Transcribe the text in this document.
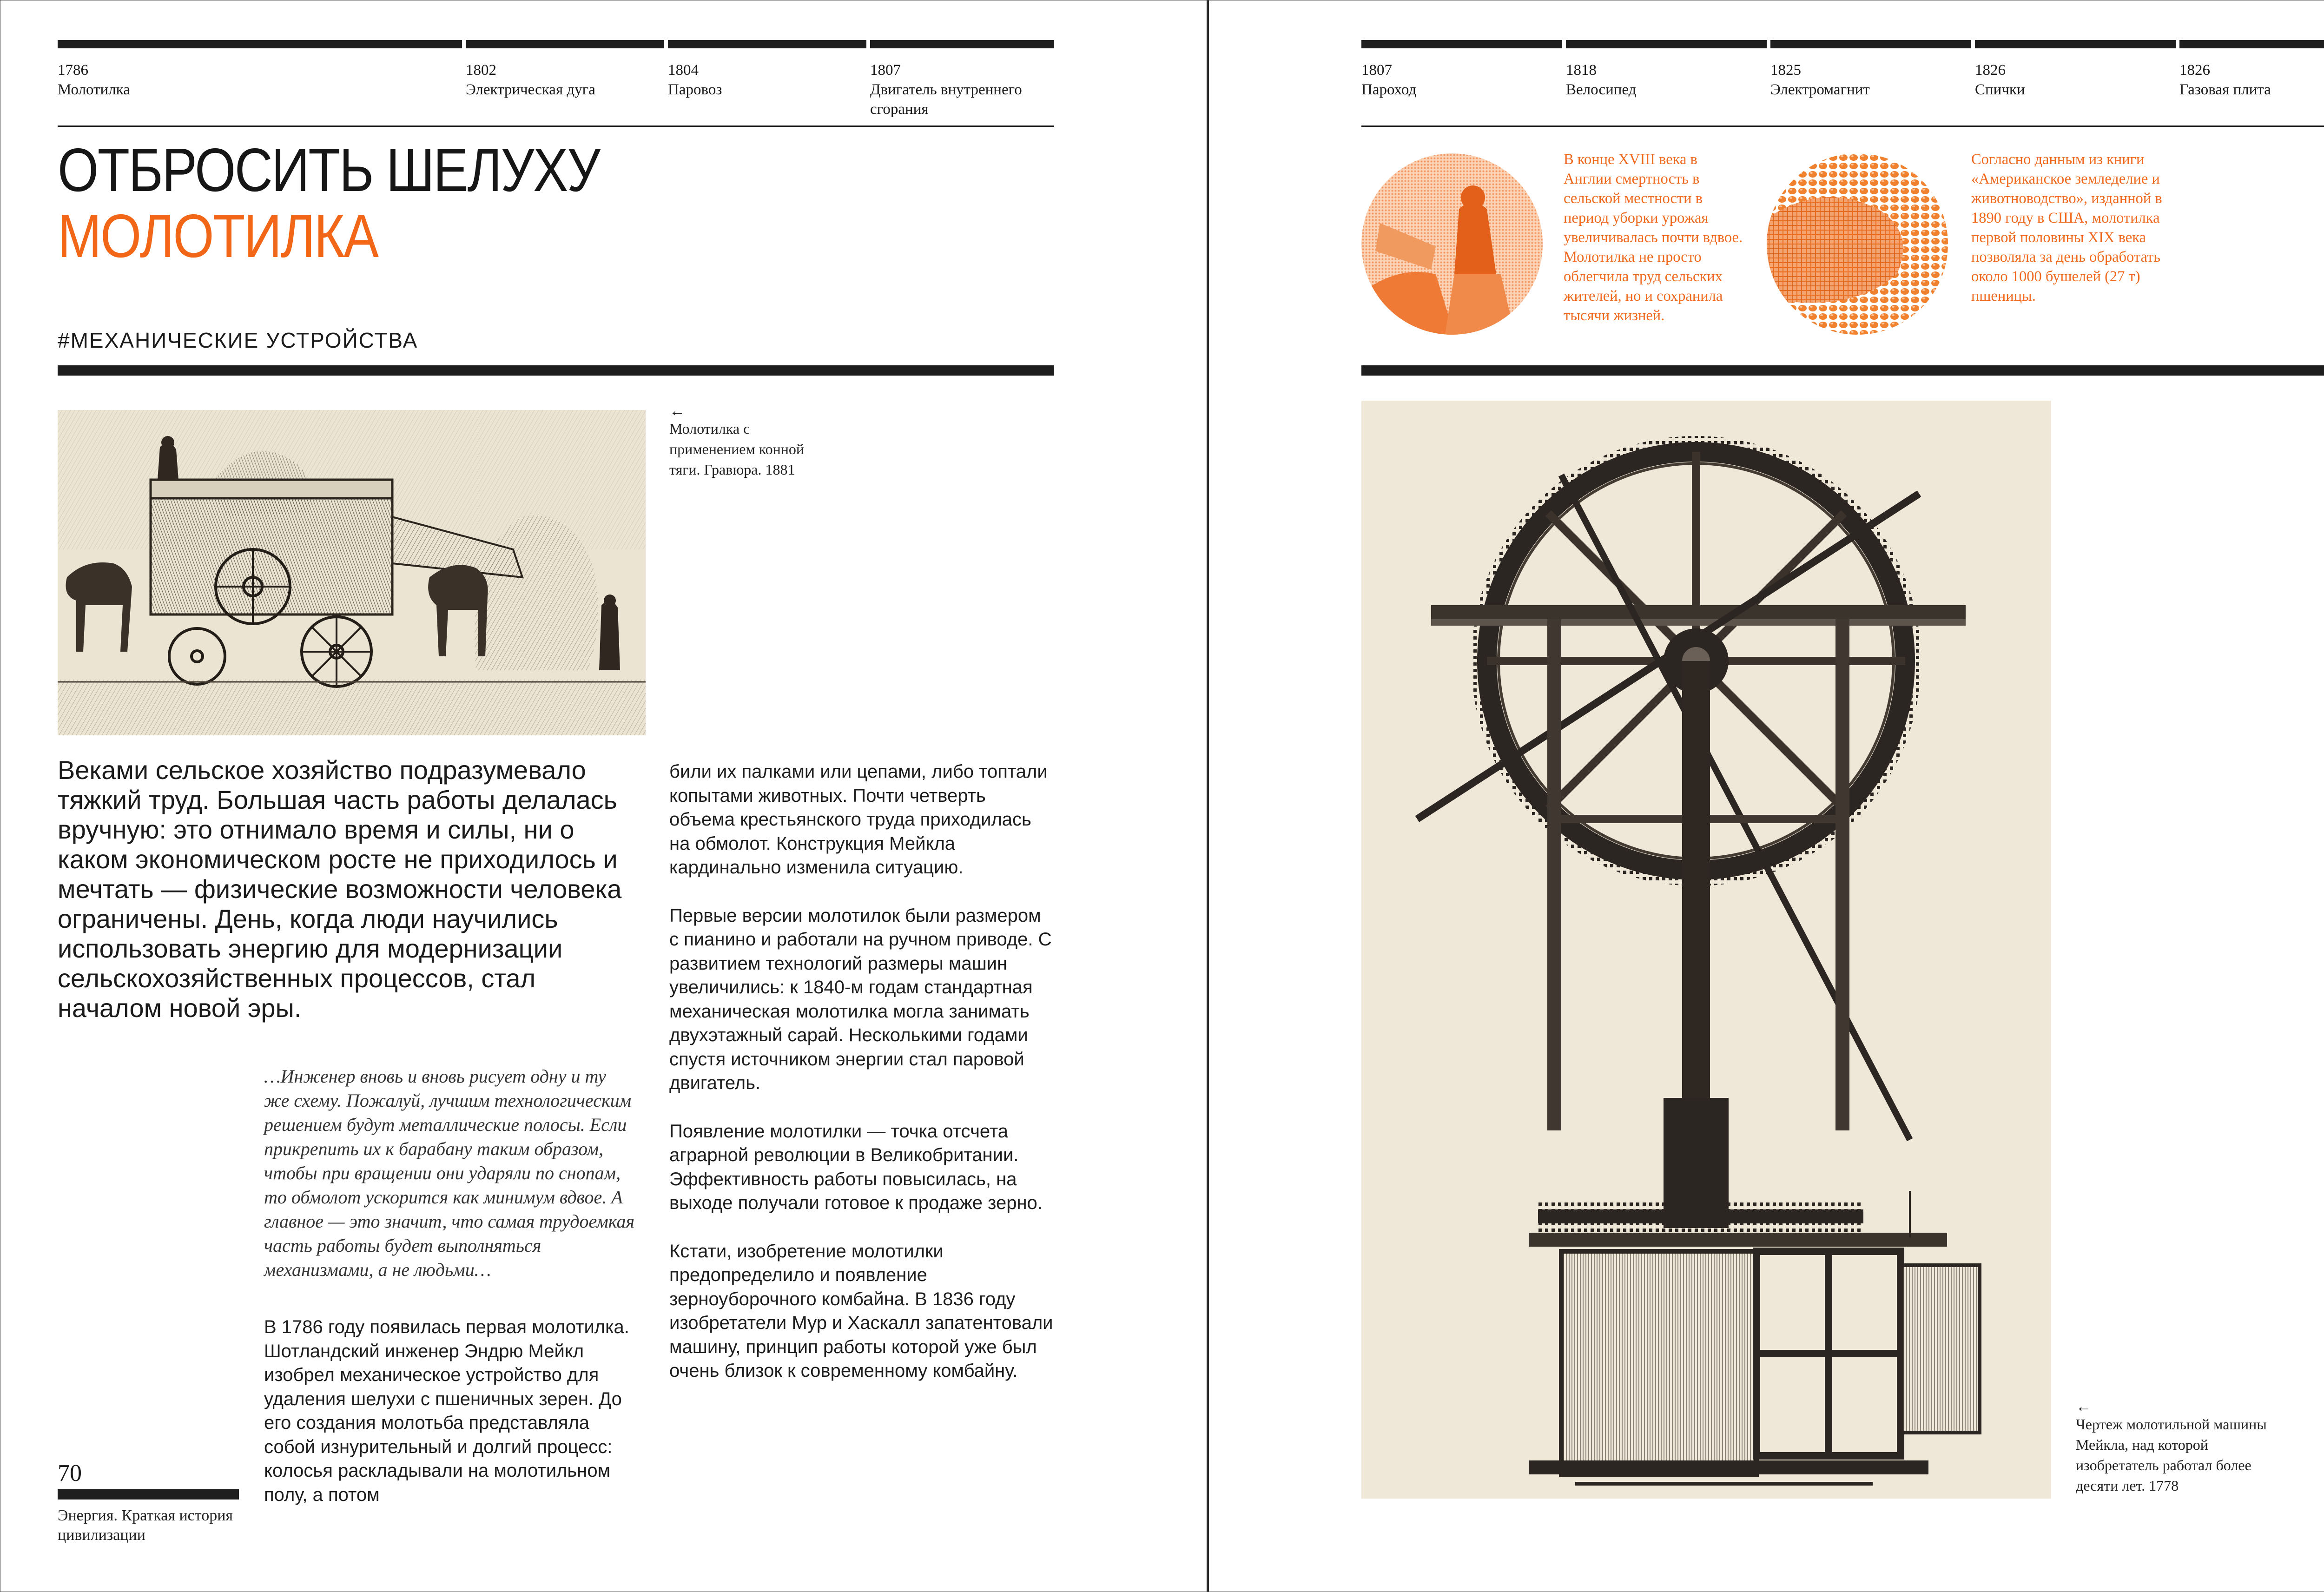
1786
Молотилка
1802
Электрическая дуга
1804
Паровоз
1807
Двигатель внутреннего сгорания
ОТБРОСИТЬ ШЕЛУХУ
МОЛОТИЛКА
#МЕХАНИЧЕСКИЕ УСТРОЙСТВА
←
Молотилка с применением конной тяги. Гравюра. 1881

Веками сельское хозяйство подразумевало тяжкий труд. Большая часть работы делалась вручную: это отнимало время и силы, ни о каком экономическом росте не приходилось и мечтать — физические возможности человека ограничены. День, когда люди научились использовать энергию для модернизации сельскохозяйственных процессов, стал началом новой эры.

…Инженер вновь и вновь рисует одну и ту же схему. Пожалуй, лучшим технологическим решением будут металлические полосы. Если прикрепить их к барабану таким образом, чтобы при вращении они ударяли по снопам, то обмолот ускорится как минимум вдвое. А главное — это значит, что самая трудоемкая часть работы будет выполняться механизмами, а не людьми…

В 1786 году появилась первая молотилка. Шотландский инженер Эндрю Мейкл изобрел механическое устройство для удаления шелухи с пшеничных зерен. До его создания молотьба представляла собой изнурительный и долгий процесс: колосья раскладывали на молотильном полу, а потом

били их палками или цепами, либо топтали копытами животных. Почти четверть объема крестьянского труда приходилась на обмолот. Конструкция Мейкла кардинально изменила ситуацию.

Первые версии молотилок были размером с пианино и работали на ручном приводе. С развитием технологий размеры машин увеличились: к 1840-м годам стандартная механическая молотилка могла занимать двухэтажный сарай. Несколькими годами спустя источником энергии стал паровой двигатель.

Появление молотилки — точка отсчета аграрной революции в Великобритании. Эффективность работы повысилась, на выходе получали готовое к продаже зерно.

Кстати, изобретение молотилки предопределило и появление зерноуборочного комбайна. В 1836 году изобретатели Мур и Хаскалл запатентовали машину, принцип работы которой уже был очень близок к современному комбайну.

70
Энергия. Краткая история цивилизации
1807
Пароход
1818
Велосипед
1825
Электромагнит
1826
Спички
1826
Газовая плита
В конце XVIII века в Англии смертность в сельской местности в период уборки урожая увеличивалась почти вдвое. Молотилка не просто облегчила труд сельских жителей, но и сохранила тысячи жизней.
Согласно данным из книги «Американское земледелие и животноводство», изданной в 1890 году в США, молотилка первой половины XIX века позволяла за день обработать около 1000 бушелей (27 т) пшеницы.
←
Чертеж молотильной машины Мейкла, над которой изобретатель работал более десяти лет. 1778
